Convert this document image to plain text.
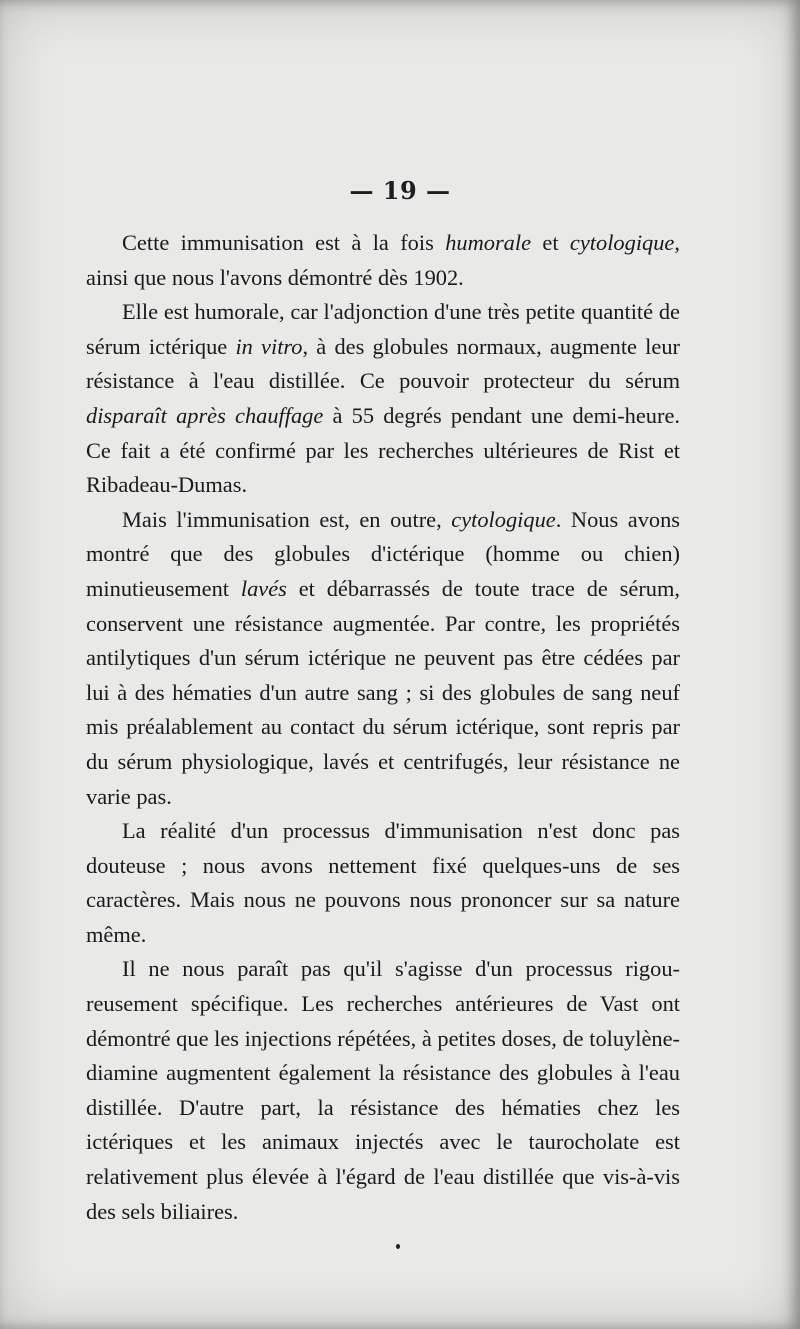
— 19 —

Cette immunisation est à la fois humorale et cytologique, ainsi que nous l'avons démontré dès 1902.

Elle est humorale, car l'adjonction d'une très petite quantité de sérum ictérique in vitro, à des globules normaux, augmente leur résistance à l'eau distillée. Ce pouvoir protecteur du sérum disparaît après chauffage à 55 degrés pendant une demi-heure. Ce fait a été confirmé par les recherches ultérieures de Rist et Ribadeau-Dumas.

Mais l'immunisation est, en outre, cytologique. Nous avons montré que des globules d'ictérique (homme ou chien) minutieusement lavés et débarrassés de toute trace de sérum, conservent une résistance augmentée. Par contre, les propriétés antilytiques d'un sérum ictérique ne peuvent pas être cédées par lui à des hématies d'un autre sang ; si des globules de sang neuf mis préalablement au contact du sérum ictérique, sont repris par du sérum physiologique, lavés et centrifugés, leur résistance ne varie pas.

La réalité d'un processus d'immunisation n'est donc pas douteuse ; nous avons nettement fixé quelques-uns de ses caractères. Mais nous ne pouvons nous prononcer sur sa nature même.

Il ne nous paraît pas qu'il s'agisse d'un processus rigoureusement spécifique. Les recherches antérieures de Vast ont démontré que les injections répétées, à petites doses, de toluylène-diamine augmentent également la résistance des globules à l'eau distillée. D'autre part, la résistance des hématies chez les ictériques et les animaux injectés avec le taurocholate est relativement plus élevée à l'égard de l'eau distillée que vis-à-vis des sels biliaires.
